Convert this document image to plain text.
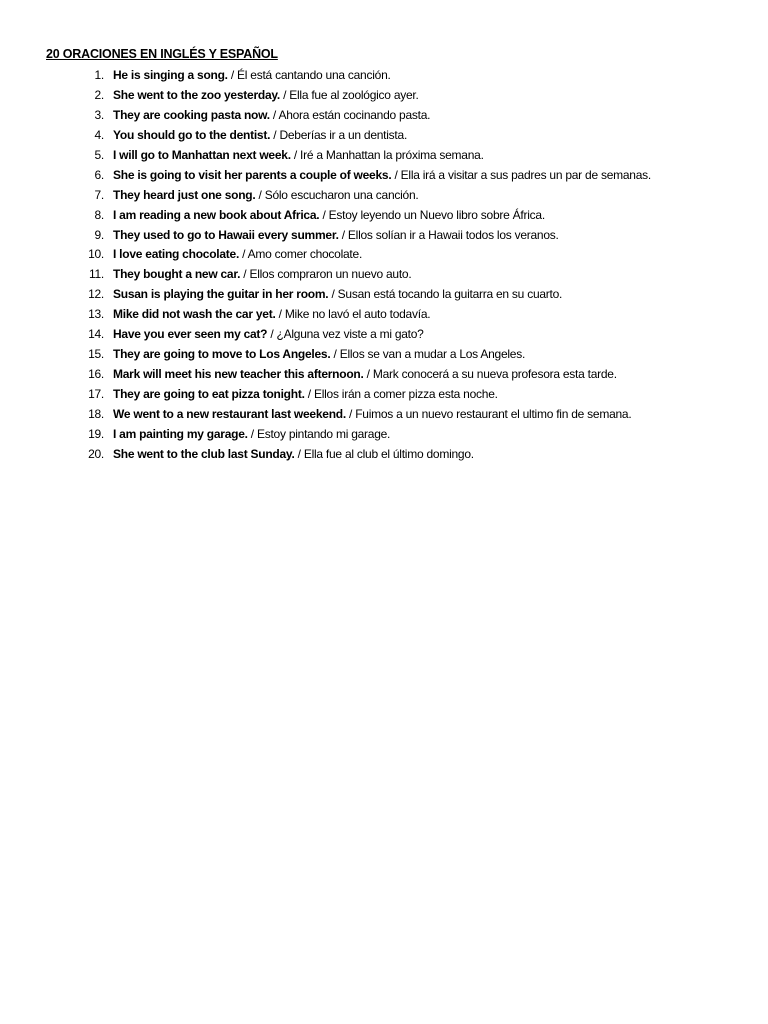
20 ORACIONES EN INGLÉS Y ESPAÑOL
1. He is singing a song. / Él está cantando una canción.
2. She went to the zoo yesterday. / Ella fue al zoológico ayer.
3. They are cooking pasta now. / Ahora están cocinando pasta.
4. You should go to the dentist. / Deberías ir a un dentista.
5. I will go to Manhattan next week. / Iré a Manhattan la próxima semana.
6. She is going to visit her parents a couple of weeks. / Ella irá a visitar a sus padres un par de semanas.
7. They heard just one song. / Sólo escucharon una canción.
8. I am reading a new book about Africa. / Estoy leyendo un Nuevo libro sobre África.
9. They used to go to Hawaii every summer. / Ellos solían ir a Hawaii todos los veranos.
10. I love eating chocolate. / Amo comer chocolate.
11. They bought a new car. / Ellos compraron un nuevo auto.
12. Susan is playing the guitar in her room. / Susan está tocando la guitarra en su cuarto.
13. Mike did not wash the car yet. / Mike no lavó el auto todavía.
14. Have you ever seen my cat? / ¿Alguna vez viste a mi gato?
15. They are going to move to Los Angeles. / Ellos se van a mudar a Los Angeles.
16. Mark will meet his new teacher this afternoon. / Mark conocerá a su nueva profesora esta tarde.
17. They are going to eat pizza tonight. / Ellos irán a comer pizza esta noche.
18. We went to a new restaurant last weekend. / Fuimos a un nuevo restaurant el ultimo fin de semana.
19. I am painting my garage. / Estoy pintando mi garage.
20. She went to the club last Sunday. / Ella fue al club el último domingo.
